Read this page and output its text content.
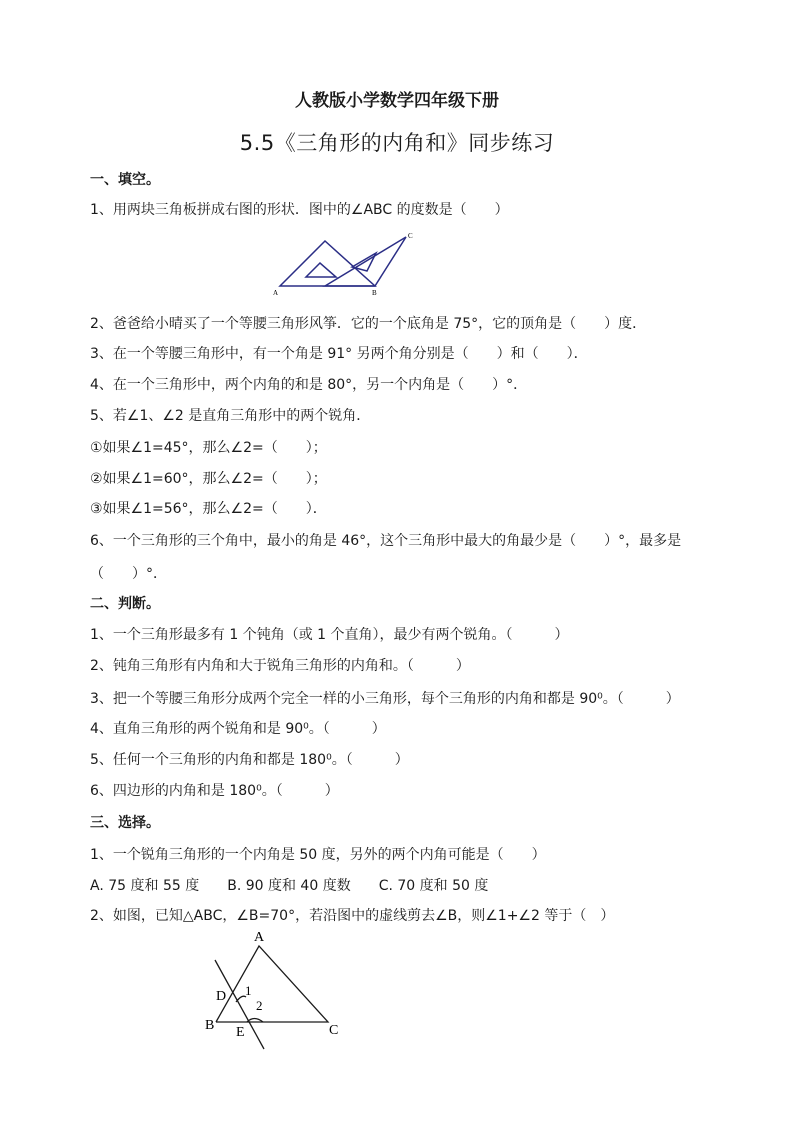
人教版小学数学四年级下册
5.5《三角形的内角和》同步练习
一、填空。
1、用两块三角板拼成右图的形状．图中的∠ABC 的度数是（　　）
A	B
C
2、爸爸给小晴买了一个等腰三角形风筝．它的一个底角是 75°，它的顶角是（　　）度．
3、在一个等腰三角形中，有一个角是 91° 另两个角分别是（　　）和（　　）．
4、在一个三角形中，两个内角的和是 80°，另一个内角是（　　）°．
5、若∠1、∠2 是直角三角形中的两个锐角．
①如果∠1=45°，那么∠2=（　　）；
②如果∠1=60°，那么∠2=（　　）；
③如果∠1=56°，那么∠2=（　　）．
6、一个三角形的三个角中，最小的角是 46°，这个三角形中最大的角最少是（　　）°，最多是
（　　）°．
二、判断。
1、一个三角形最多有 1 个钝角（或 1 个直角），最少有两个锐角。（　　　）
2、钝角三角形有内角和大于锐角三角形的内角和。（　　　）
3、把一个等腰三角形分成两个完全一样的小三角形，每个三角形的内角和都是 90⁰。（　　　）
4、直角三角形的两个锐角和是 90⁰。（　　　）
5、任何一个三角形的内角和都是 180⁰。（　　　）
6、四边形的内角和是 180⁰。（　　　）
三、选择。
1、一个锐角三角形的一个内角是 50 度，另外的两个内角可能是（　　）
A. 75 度和 55 度　　B. 90 度和 40 度数　　C. 70 度和 50 度
2、如图，已知△ABC，∠B=70°，若沿图中的虚线剪去∠B，则∠1+∠2 等于（　）
A
B	C
D
E
1
2
